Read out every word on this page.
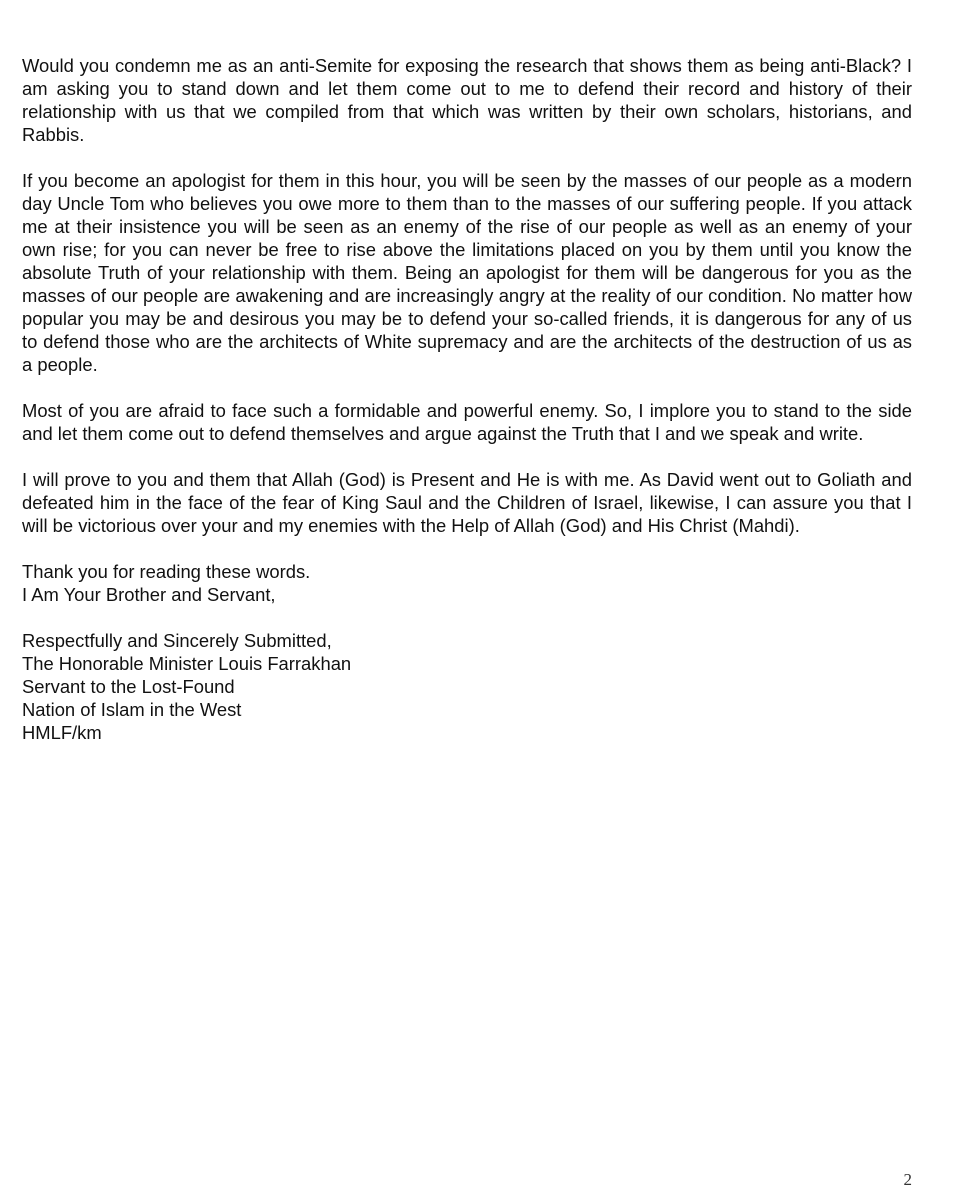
Would you condemn me as an anti-Semite for exposing the research that shows them as being anti-Black? I am asking you to stand down and let them come out to me to defend their record and history of their relationship with us that we compiled from that which was written by their own scholars, historians, and Rabbis.

If you become an apologist for them in this hour, you will be seen by the masses of our people as a modern day Uncle Tom who believes you owe more to them than to the masses of our suffering people. If you attack me at their insistence you will be seen as an enemy of the rise of our people as well as an enemy of your own rise; for you can never be free to rise above the limitations placed on you by them until you know the absolute Truth of your relationship with them. Being an apologist for them will be dangerous for you as the masses of our people are awakening and are increasingly angry at the reality of our condition. No matter how popular you may be and desirous you may be to defend your so-called friends, it is dangerous for any of us to defend those who are the architects of White supremacy and are the architects of the destruction of us as a people.

Most of you are afraid to face such a formidable and powerful enemy. So, I implore you to stand to the side and let them come out to defend themselves and argue against the Truth that I and we speak and write.

I will prove to you and them that Allah (God) is Present and He is with me. As David went out to Goliath and defeated him in the face of the fear of King Saul and the Children of Israel, likewise, I can assure you that I will be victorious over your and my enemies with the Help of Allah (God) and His Christ (Mahdi).

Thank you for reading these words.
I Am Your Brother and Servant,
Respectfully and Sincerely Submitted,
The Honorable Minister Louis Farrakhan
Servant to the Lost-Found
Nation of Islam in the West
HMLF/km
2
